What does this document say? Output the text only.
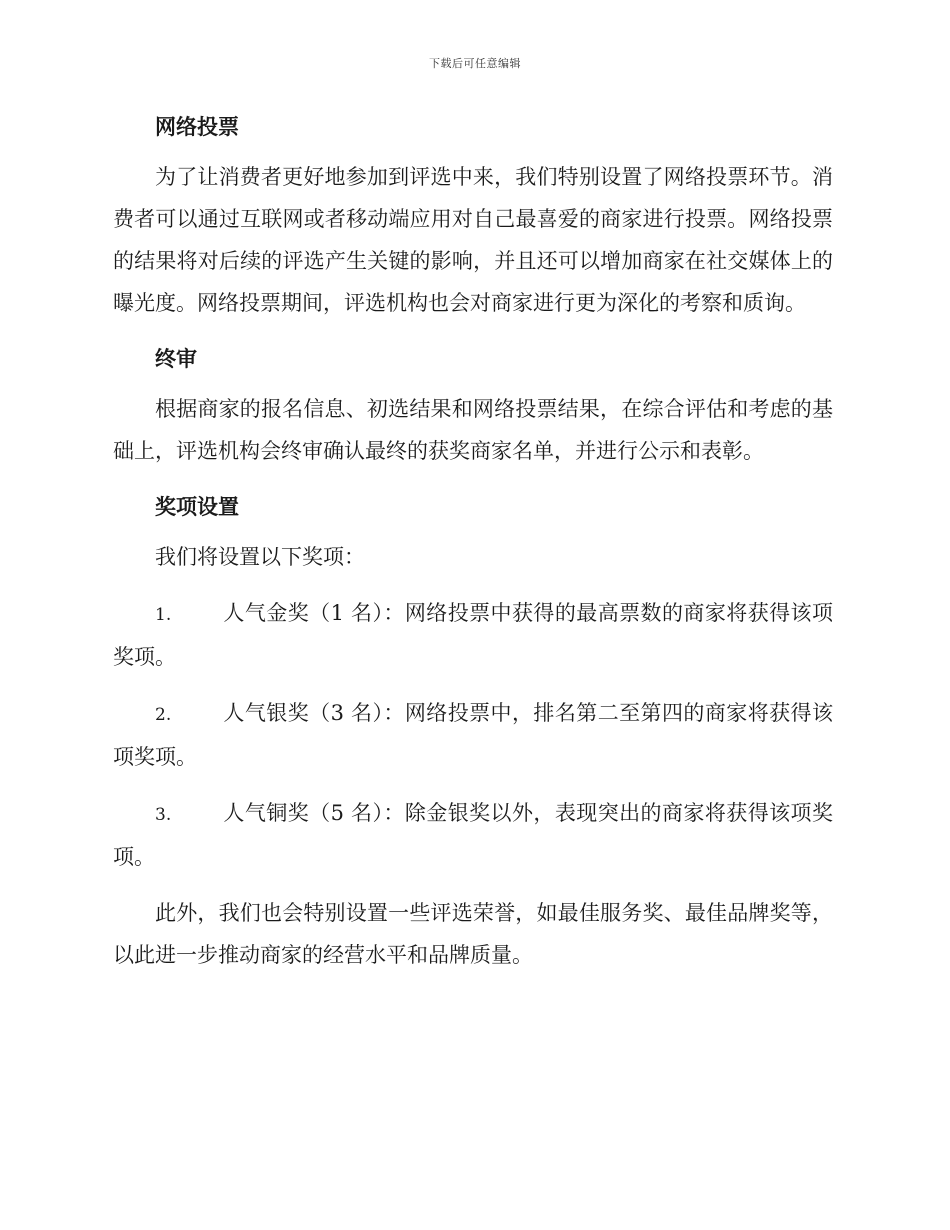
下载后可任意编辑
网络投票

为了让消费者更好地参加到评选中来，我们特别设置了网络投票环节。消费者可以通过互联网或者移动端应用对自己最喜爱的商家进行投票。网络投票的结果将对后续的评选产生关键的影响，并且还可以增加商家在社交媒体上的曝光度。网络投票期间，评选机构也会对商家进行更为深化的考察和质询。

终审

根据商家的报名信息、初选结果和网络投票结果，在综合评估和考虑的基础上，评选机构会终审确认最终的获奖商家名单，并进行公示和表彰。

奖项设置

我们将设置以下奖项：

1. 人气金奖（1 名）：网络投票中获得的最高票数的商家将获得该项奖项。

2. 人气银奖（3 名）：网络投票中，排名第二至第四的商家将获得该项奖项。

3. 人气铜奖（5 名）：除金银奖以外，表现突出的商家将获得该项奖项。

此外，我们也会特别设置一些评选荣誉，如最佳服务奖、最佳品牌奖等，以此进一步推动商家的经营水平和品牌质量。
